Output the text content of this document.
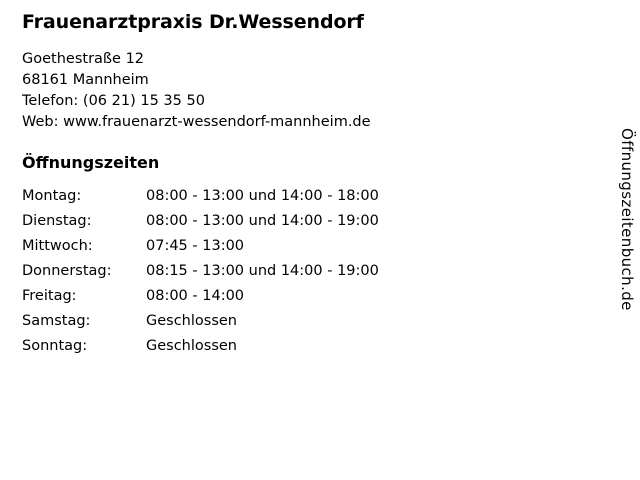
Frauenarztpraxis Dr.Wessendorf
Goethestraße 12
68161 Mannheim
Telefon: (06 21) 15 35 50
Web: www.frauenarzt-wessendorf-mannheim.de
Öffnungszeiten
Montag:	08:00 - 13:00 und 14:00 - 18:00
Dienstag:	08:00 - 13:00 und 14:00 - 19:00
Mittwoch:	07:45 - 13:00
Donnerstag:	08:15 - 13:00 und 14:00 - 19:00
Freitag:	08:00 - 14:00
Samstag:	Geschlossen
Sonntag:	Geschlossen
Öffnungszeitenbuch.de
